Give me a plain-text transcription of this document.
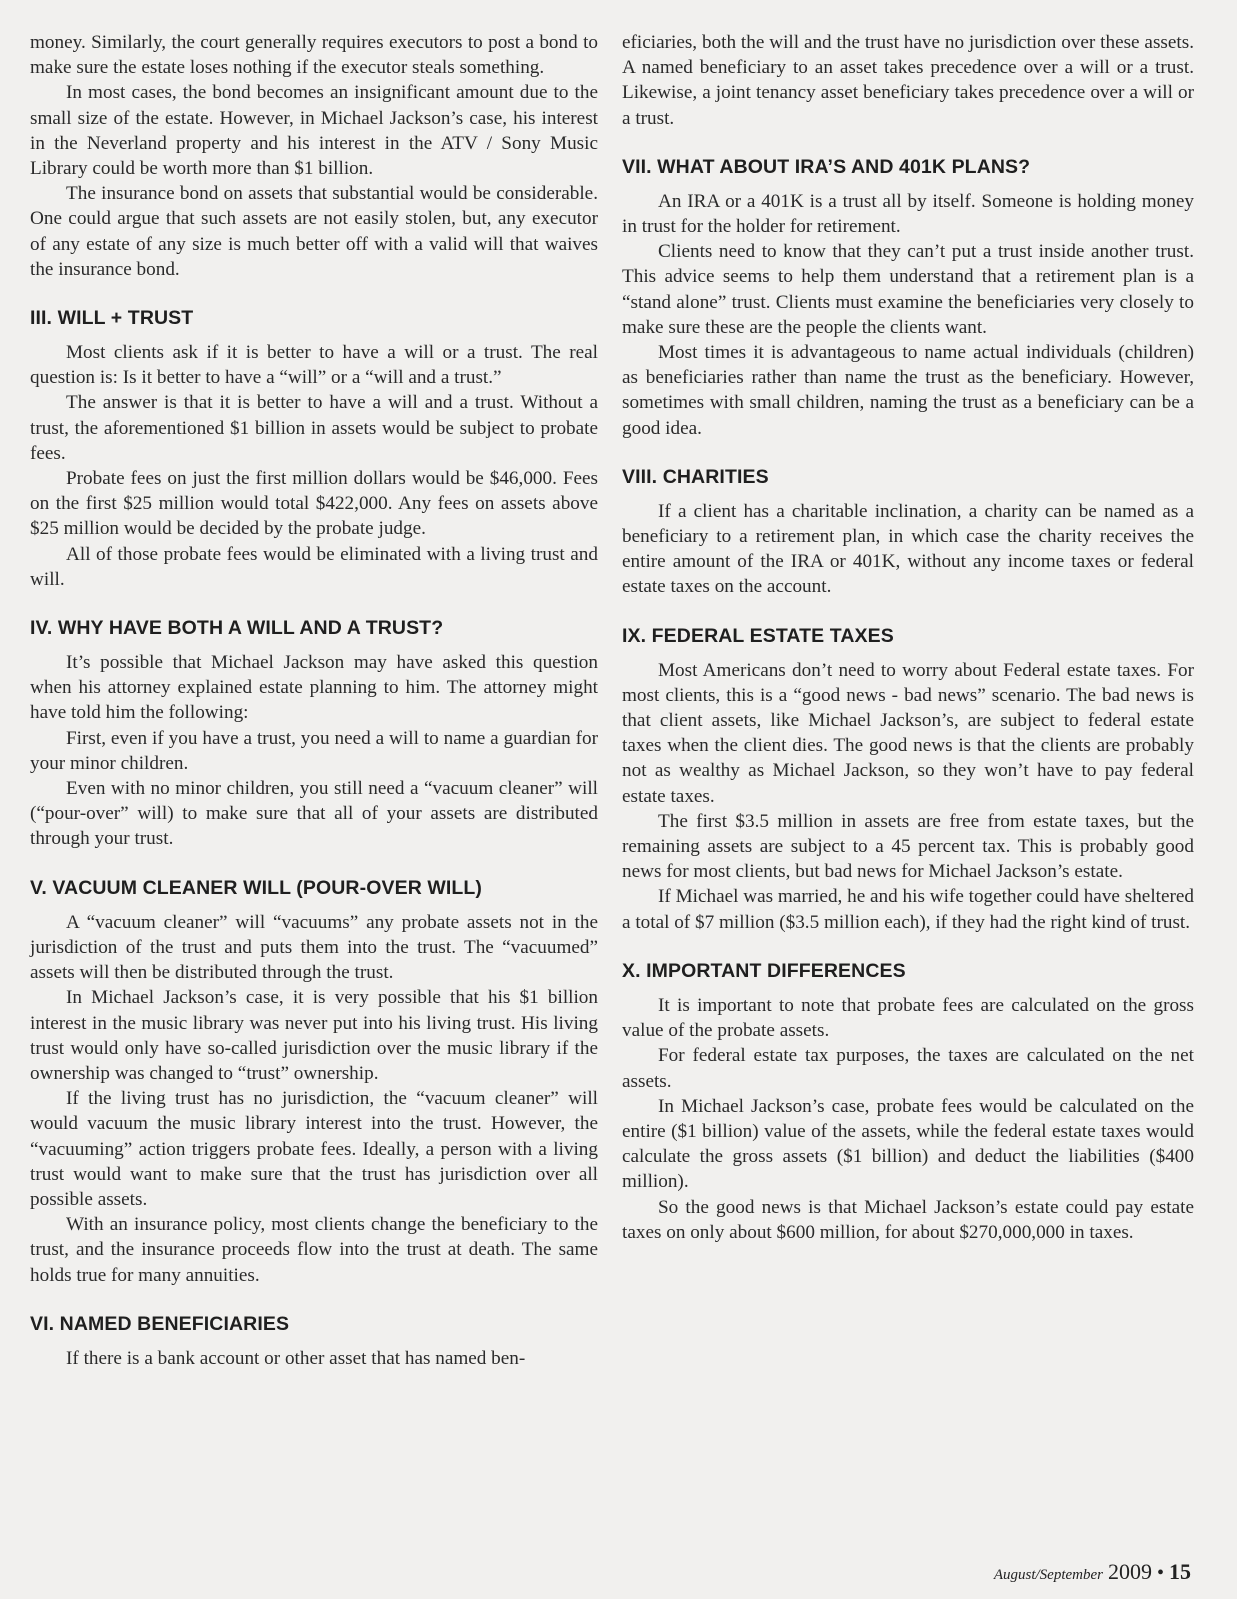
money. Similarly, the court generally requires executors to post a bond to make sure the estate loses nothing if the executor steals something.

In most cases, the bond becomes an insignificant amount due to the small size of the estate. However, in Michael Jackson’s case, his interest in the Neverland property and his interest in the ATV / Sony Music Library could be worth more than $1 billion.

The insurance bond on assets that substantial would be considerable. One could argue that such assets are not easily stolen, but, any executor of any estate of any size is much better off with a valid will that waives the insurance bond.

III. WILL + TRUST

Most clients ask if it is better to have a will or a trust. The real question is: Is it better to have a “will” or a “will and a trust.”

The answer is that it is better to have a will and a trust. Without a trust, the aforementioned $1 billion in assets would be subject to probate fees.

Probate fees on just the first million dollars would be $46,000. Fees on the first $25 million would total $422,000. Any fees on assets above $25 million would be decided by the probate judge.

All of those probate fees would be eliminated with a living trust and will.

IV. WHY HAVE BOTH A WILL AND A TRUST?

It’s possible that Michael Jackson may have asked this question when his attorney explained estate planning to him. The attorney might have told him the following:

First, even if you have a trust, you need a will to name a guardian for your minor children.

Even with no minor children, you still need a “vacuum cleaner” will (“pour-over” will) to make sure that all of your assets are distributed through your trust.

V. VACUUM CLEANER WILL (POUR-OVER WILL)

A “vacuum cleaner” will “vacuums” any probate assets not in the jurisdiction of the trust and puts them into the trust. The “vacuumed” assets will then be distributed through the trust.

In Michael Jackson’s case, it is very possible that his $1 billion interest in the music library was never put into his living trust. His living trust would only have so-called jurisdiction over the music library if the ownership was changed to “trust” ownership.

If the living trust has no jurisdiction, the “vacuum cleaner” will would vacuum the music library interest into the trust. However, the “vacuuming” action triggers probate fees. Ideally, a person with a living trust would want to make sure that the trust has jurisdiction over all possible assets.

With an insurance policy, most clients change the beneficiary to the trust, and the insurance proceeds flow into the trust at death. The same holds true for many annuities.

VI. NAMED BENEFICIARIES

If there is a bank account or other asset that has named ben-

eficiaries, both the will and the trust have no jurisdiction over these assets. A named beneficiary to an asset takes precedence over a will or a trust. Likewise, a joint tenancy asset beneficiary takes precedence over a will or a trust.

VII. WHAT ABOUT IRA’S AND 401K PLANS?

An IRA or a 401K is a trust all by itself. Someone is holding money in trust for the holder for retirement.

Clients need to know that they can’t put a trust inside another trust. This advice seems to help them understand that a retirement plan is a “stand alone” trust. Clients must examine the beneficiaries very closely to make sure these are the people the clients want.

Most times it is advantageous to name actual individuals (children) as beneficiaries rather than name the trust as the beneficiary. However, sometimes with small children, naming the trust as a beneficiary can be a good idea.

VIII. CHARITIES

If a client has a charitable inclination, a charity can be named as a beneficiary to a retirement plan, in which case the charity receives the entire amount of the IRA or 401K, without any income taxes or federal estate taxes on the account.

IX. FEDERAL ESTATE TAXES

Most Americans don’t need to worry about Federal estate taxes. For most clients, this is a “good news - bad news” scenario. The bad news is that client assets, like Michael Jackson’s, are subject to federal estate taxes when the client dies. The good news is that the clients are probably not as wealthy as Michael Jackson, so they won’t have to pay federal estate taxes.

The first $3.5 million in assets are free from estate taxes, but the remaining assets are subject to a 45 percent tax. This is probably good news for most clients, but bad news for Michael Jackson’s estate.

If Michael was married, he and his wife together could have sheltered a total of $7 million ($3.5 million each), if they had the right kind of trust.

X. IMPORTANT DIFFERENCES

It is important to note that probate fees are calculated on the gross value of the probate assets.

For federal estate tax purposes, the taxes are calculated on the net assets.

In Michael Jackson’s case, probate fees would be calculated on the entire ($1 billion) value of the assets, while the federal estate taxes would calculate the gross assets ($1 billion) and deduct the liabilities ($400 million).

So the good news is that Michael Jackson’s estate could pay estate taxes on only about $600 million, for about $270,000,000 in taxes.

August/September 2009 • 15
